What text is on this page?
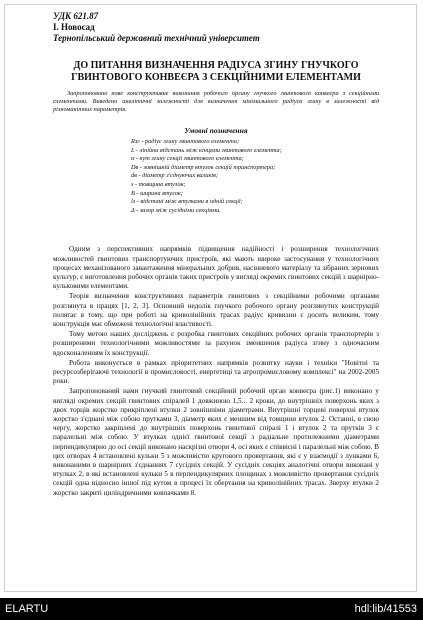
УДК 621.87
І. Новосад
Тернопільський державний технічний університет
ДО ПИТАННЯ ВИЗНАЧЕННЯ РАДІУСА ЗГИНУ ГНУЧКОГО ГВИНТОВОГО КОНВЕЄРА З СЕКЦІЙНИМИ ЕЛЕМЕНТАМИ
Запропоновано нове конструктивне виконання робочого органу гнучкого гвинтового конвеєра з секційними елементами. Виведено аналітичні залежності для визначення мінімального радіуса згину в залежності від різноманітних параметрів.
Умовні позначення
Rзг - радіус згину гвинтового елемента;
L - лінійна відстань між кінцями гвинтового елемента;
α - кут згину секції гвинтового елемента;
Dв - зовнішній діаметр втулок секцій транспортера;
dв - діаметр з'єднуючих валиків;
s - товщина втулок;
B - ширина втулок;
lз - відстані між втулками в одній секції;
Δ - зазор між сусідніми секціями.

Одним з перспективних напрямків підвищення надійності і розширення технологічних можливостей гвинтових транспортуючих пристроїв, які мають широке застосування у технологічних процесах механізованого завантаження мінеральних добрив, насінневого матеріалу та зібраних зернових культур, є виготовлення робочих органів таких пристроїв у вигляді окремих гвинтових секцій з шарнірно-кульковими елементами.

Теорія визначення конструктивних параметрів гвинтових з секційними робочими органами розглянута в працях [1, 2, 3]. Основний недолік гнучкого робочого органу розглянутих конструкцій полягає в тому, що при роботі на криволінійних трасах радіус кривизни є досить великим, тому конструкція має обмежені технологічні властивості.

Тому метою наших досліджень є розробка гвинтових секційних робочих органів транспортерів з розширеними технологічними можливостями за рахунок зменшення радіуса згину з одночасним вдосконаленням їх конструкції.

Робота виконується в рамках пріоритетних напрямків розвитку науки і техніки "Новітні та ресурсозберігаючі технології в промисловості, енергетиці та агропромисловому комплексі" на 2002-2005 роки.

Запропонований нами гнучкий гвинтовий секційний робочий орган конвеєра (рис.1) виконано у вигляді окремих секцій гвинтових спіралей 1 довжиною 1,5... 2 кроки, до внутрішніх поверхонь яких з двох торців жорстко прикріплені втулки 2 зовнішніми діаметрами. Внутрішні торцеві поверхні втулок жорстко з'єднані між собою прутками 3, діаметр яких є меншим від товщини втулок 2. Останні, в свою чергу, жорстко закріплені до внутрішніх поверхонь гвинтової спіралі 1 і втулок 2 та прутків 3 є паралельні між собою. У втулках однієї гвинтової секції з радіальне протилежними діаметрами перпендикулярно до осі секції виконано наскрізні отвори 4, осі яких є співвісні і паралельні між собою. В цих отворах 4 встановлені кульки 5 з можливістю кругового провертання, які є у взаємодії з лунками 6, виконаними в шарнірних з'єднаннях 7 сусідніх секцій. У сусідніх секціях аналогічні отвори виконані у втулках 2, в які встановлені кульки 5 в перпендикулярних площинах з можливістю провертання сусідніх секцій одна відносно іншої під кутом в процесі їх обертання на криволінійних трасах. Зверху втулки 2 жорстко закриті циліндричними ковпачками 8.

ELARTU	hdl:lib/41553
